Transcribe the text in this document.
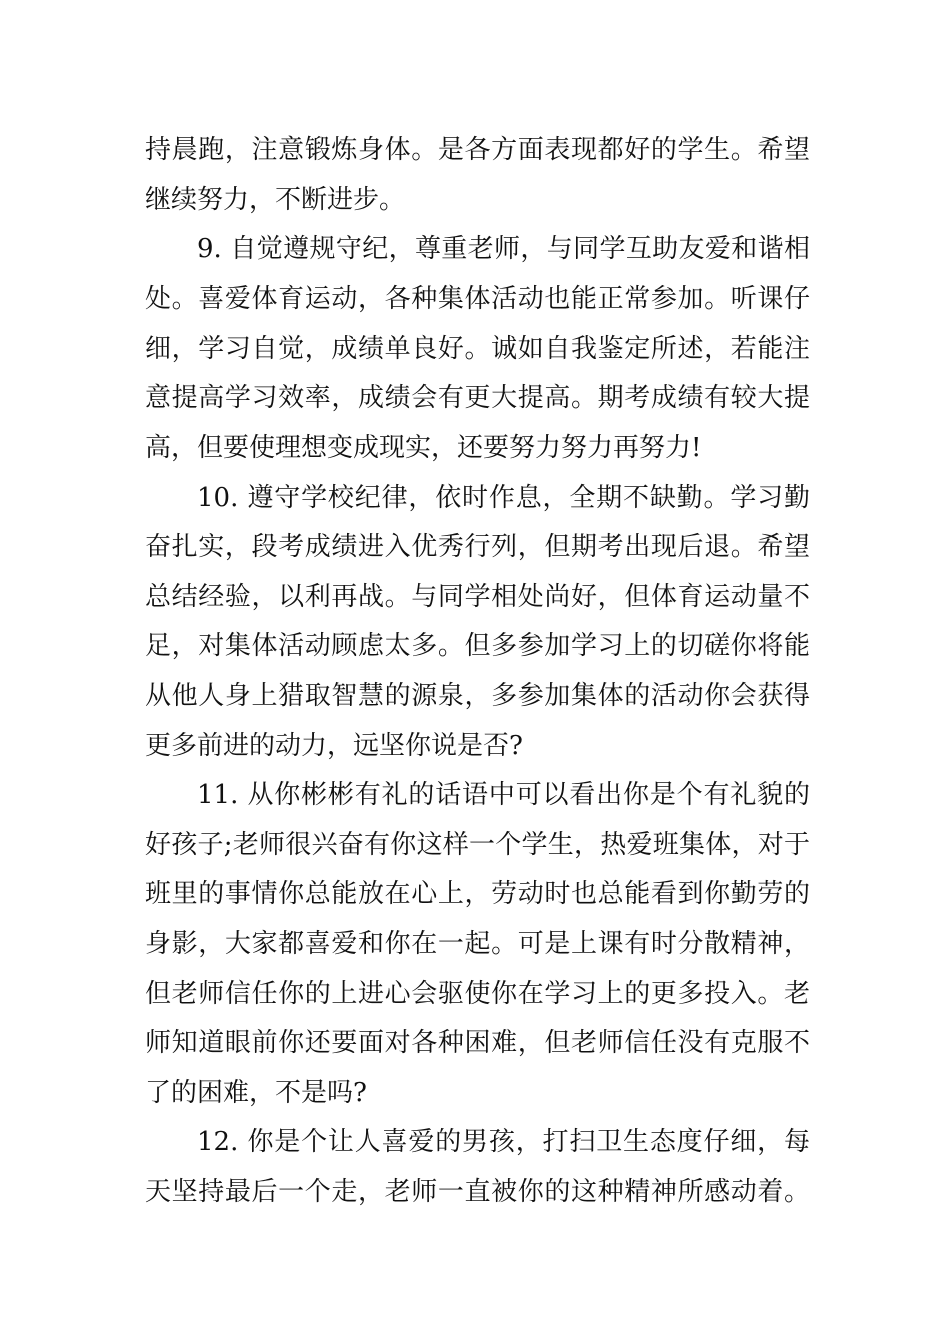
持晨跑，注意锻炼身体。是各方面表现都好的学生。希望
继续努力，不断进步。
9. 自觉遵规守纪，尊重老师，与同学互助友爱和谐相
处。喜爱体育运动，各种集体活动也能正常参加。听课仔
细，学习自觉，成绩单良好。诚如自我鉴定所述，若能注
意提高学习效率，成绩会有更大提高。期考成绩有较大提
高，但要使理想变成现实，还要努力努力再努力!
10. 遵守学校纪律，依时作息，全期不缺勤。学习勤
奋扎实，段考成绩进入优秀行列，但期考出现后退。希望
总结经验，以利再战。与同学相处尚好，但体育运动量不
足，对集体活动顾虑太多。但多参加学习上的切磋你将能
从他人身上猎取智慧的源泉，多参加集体的活动你会获得
更多前进的动力，远坚你说是否?
11. 从你彬彬有礼的话语中可以看出你是个有礼貌的
好孩子;老师很兴奋有你这样一个学生，热爱班集体，对于
班里的事情你总能放在心上，劳动时也总能看到你勤劳的
身影，大家都喜爱和你在一起。可是上课有时分散精神，
但老师信任你的上进心会驱使你在学习上的更多投入。老
师知道眼前你还要面对各种困难，但老师信任没有克服不
了的困难，不是吗?
12. 你是个让人喜爱的男孩，打扫卫生态度仔细，每
天坚持最后一个走，老师一直被你的这种精神所感动着。
